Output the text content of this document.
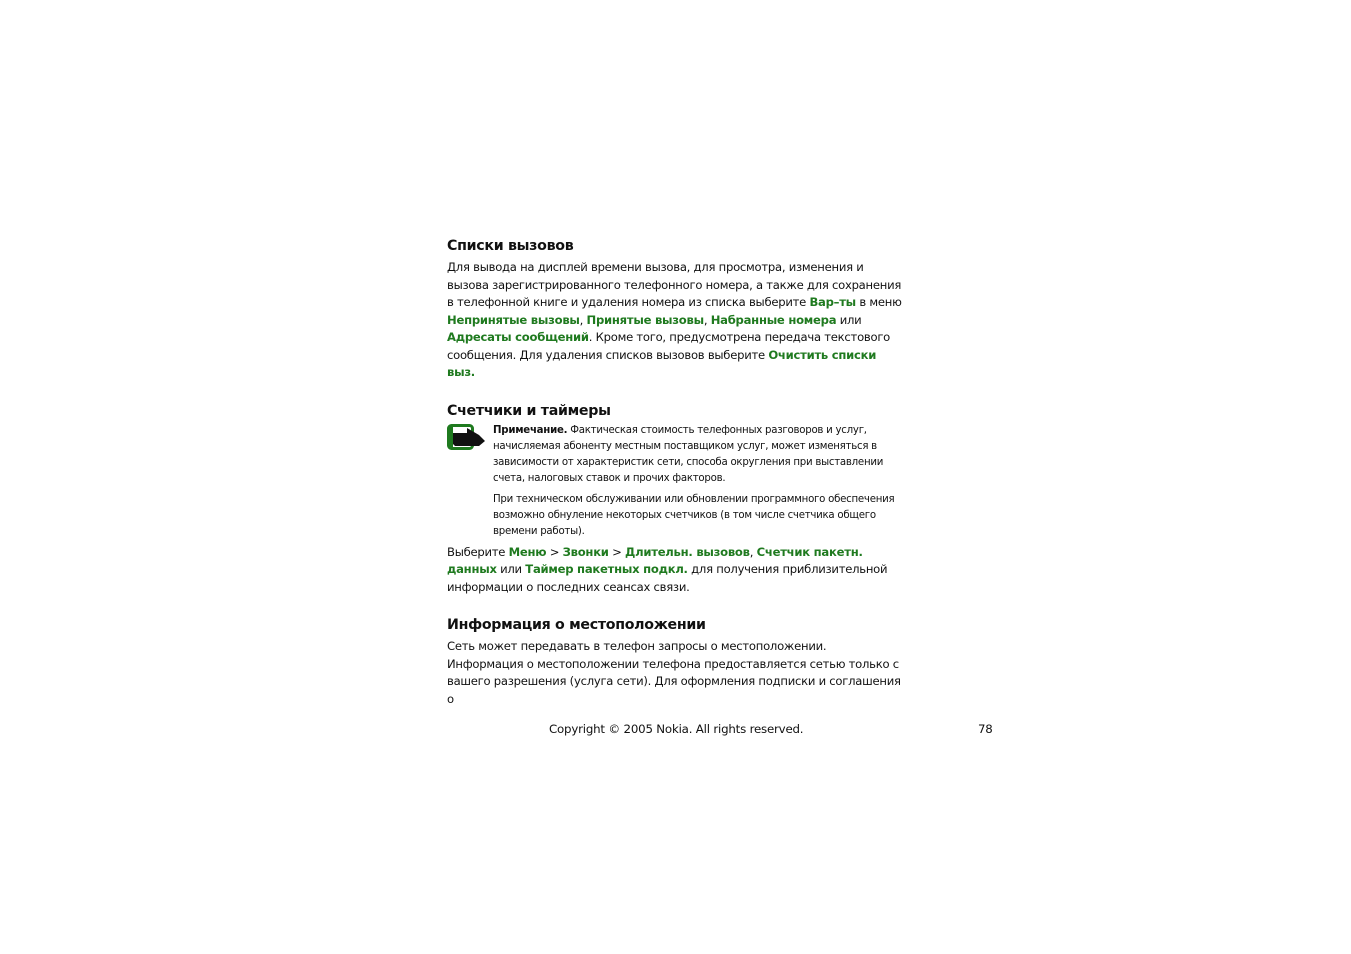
Списки вызовов

Для вывода на дисплей времени вызова, для просмотра, изменения и вызова зарегистрированного телефонного номера, а также для сохранения в телефонной книге и удаления номера из списка выберите Вар–ты в меню Непринятые вызовы, Принятые вызовы, Набранные номера или Адресаты сообщений. Кроме того, предусмотрена передача текстового сообщения. Для удаления списков вызовов выберите Очистить списки выз.

Счетчики и таймеры

Примечание. Фактическая стоимость телефонных разговоров и услуг, начисляемая абоненту местным поставщиком услуг, может изменяться в зависимости от характеристик сети, способа округления при выставлении счета, налоговых ставок и прочих факторов.

При техническом обслуживании или обновлении программного обеспечения возможно обнуление некоторых счетчиков (в том числе счетчика общего времени работы).

Выберите Меню > Звонки > Длительн. вызовов, Счетчик пакетн. данных или Таймер пакетных подкл. для получения приблизительной информации о последних сеансах связи.

Информация о местоположении

Сеть может передавать в телефон запросы о местоположении. Информация о местоположении телефона предоставляется сетью только с вашего разрешения (услуга сети). Для оформления подписки и соглашения о

Copyright © 2005 Nokia. All rights reserved.	78
